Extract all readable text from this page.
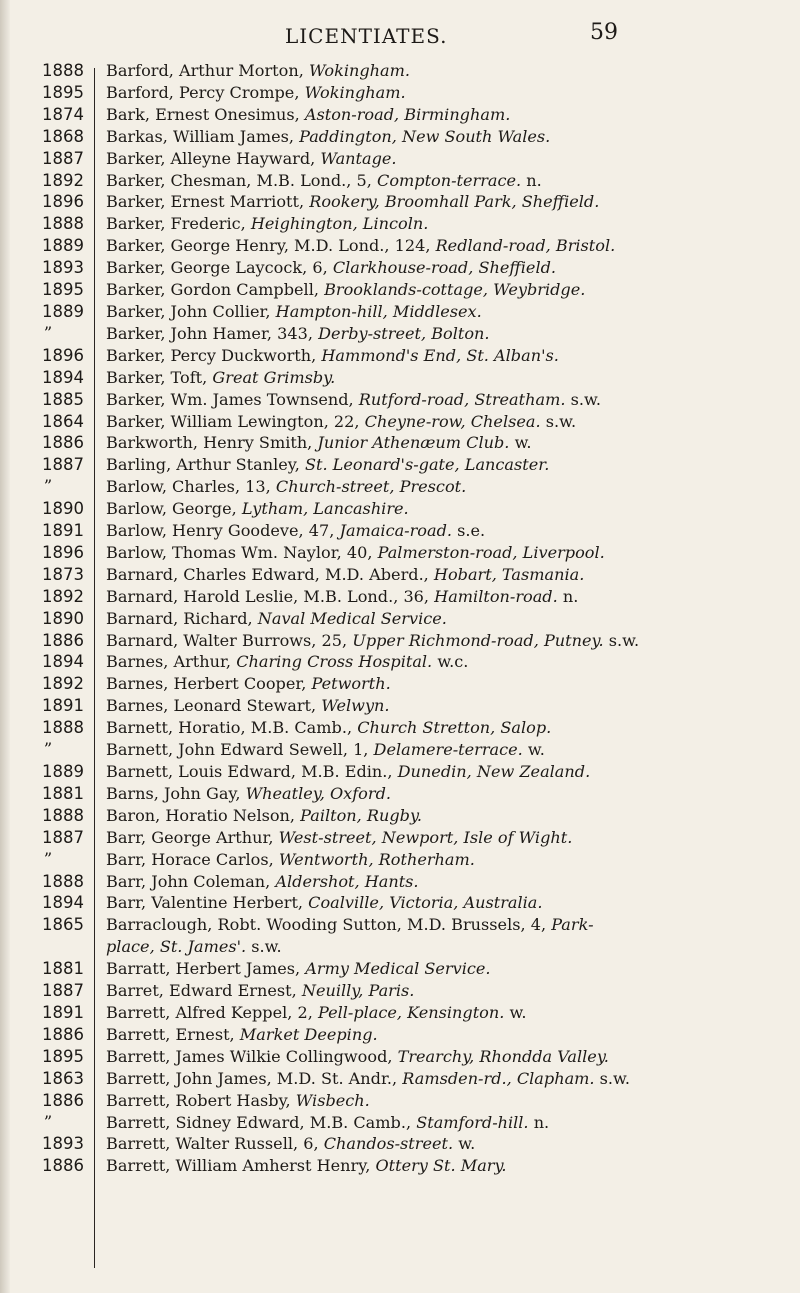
LICENTIATES.	59
1888	Barford, Arthur Morton, Wokingham.
1895	Barford, Percy Crompe, Wokingham.
1874	Bark, Ernest Onesimus, Aston-road, Birmingham.
1868	Barkas, William James, Paddington, New South Wales.
1887	Barker, Alleyne Hayward, Wantage.
1892	Barker, Chesman, M.B. Lond., 5, Compton-terrace. n.
1896	Barker, Ernest Marriott, Rookery, Broomhall Park, Sheffield.
1888	Barker, Frederic, Heighington, Lincoln.
1889	Barker, George Henry, M.D. Lond., 124, Redland-road, Bristol.
1893	Barker, George Laycock, 6, Clarkhouse-road, Sheffield.
1895	Barker, Gordon Campbell, Brooklands-cottage, Weybridge.
1889	Barker, John Collier, Hampton-hill, Middlesex.
”	Barker, John Hamer, 343, Derby-street, Bolton.
1896	Barker, Percy Duckworth, Hammond's End, St. Alban's.
1894	Barker, Toft, Great Grimsby.
1885	Barker, Wm. James Townsend, Rutford-road, Streatham. s.w.
1864	Barker, William Lewington, 22, Cheyne-row, Chelsea. s.w.
1886	Barkworth, Henry Smith, Junior Athenæum Club. w.
1887	Barling, Arthur Stanley, St. Leonard's-gate, Lancaster.
”	Barlow, Charles, 13, Church-street, Prescot.
1890	Barlow, George, Lytham, Lancashire.
1891	Barlow, Henry Goodeve, 47, Jamaica-road. s.e.
1896	Barlow, Thomas Wm. Naylor, 40, Palmerston-road, Liverpool.
1873	Barnard, Charles Edward, M.D. Aberd., Hobart, Tasmania.
1892	Barnard, Harold Leslie, M.B. Lond., 36, Hamilton-road. n.
1890	Barnard, Richard, Naval Medical Service.
1886	Barnard, Walter Burrows, 25, Upper Richmond-road, Putney. s.w.
1894	Barnes, Arthur, Charing Cross Hospital. w.c.
1892	Barnes, Herbert Cooper, Petworth.
1891	Barnes, Leonard Stewart, Welwyn.
1888	Barnett, Horatio, M.B. Camb., Church Stretton, Salop.
”	Barnett, John Edward Sewell, 1, Delamere-terrace. w.
1889	Barnett, Louis Edward, M.B. Edin., Dunedin, New Zealand.
1881	Barns, John Gay, Wheatley, Oxford.
1888	Baron, Horatio Nelson, Pailton, Rugby.
1887	Barr, George Arthur, West-street, Newport, Isle of Wight.
”	Barr, Horace Carlos, Wentworth, Rotherham.
1888	Barr, John Coleman, Aldershot, Hants.
1894	Barr, Valentine Herbert, Coalville, Victoria, Australia.
1865	Barraclough, Robt. Wooding Sutton, M.D. Brussels, 4, Park-
place, St. James'. s.w.
1881	Barratt, Herbert James, Army Medical Service.
1887	Barret, Edward Ernest, Neuilly, Paris.
1891	Barrett, Alfred Keppel, 2, Pell-place, Kensington. w.
1886	Barrett, Ernest, Market Deeping.
1895	Barrett, James Wilkie Collingwood, Trearchy, Rhondda Valley.
1863	Barrett, John James, M.D. St. Andr., Ramsden-rd., Clapham. s.w.
1886	Barrett, Robert Hasby, Wisbech.
”	Barrett, Sidney Edward, M.B. Camb., Stamford-hill. n.
1893	Barrett, Walter Russell, 6, Chandos-street. w.
1886	Barrett, William Amherst Henry, Ottery St. Mary.
